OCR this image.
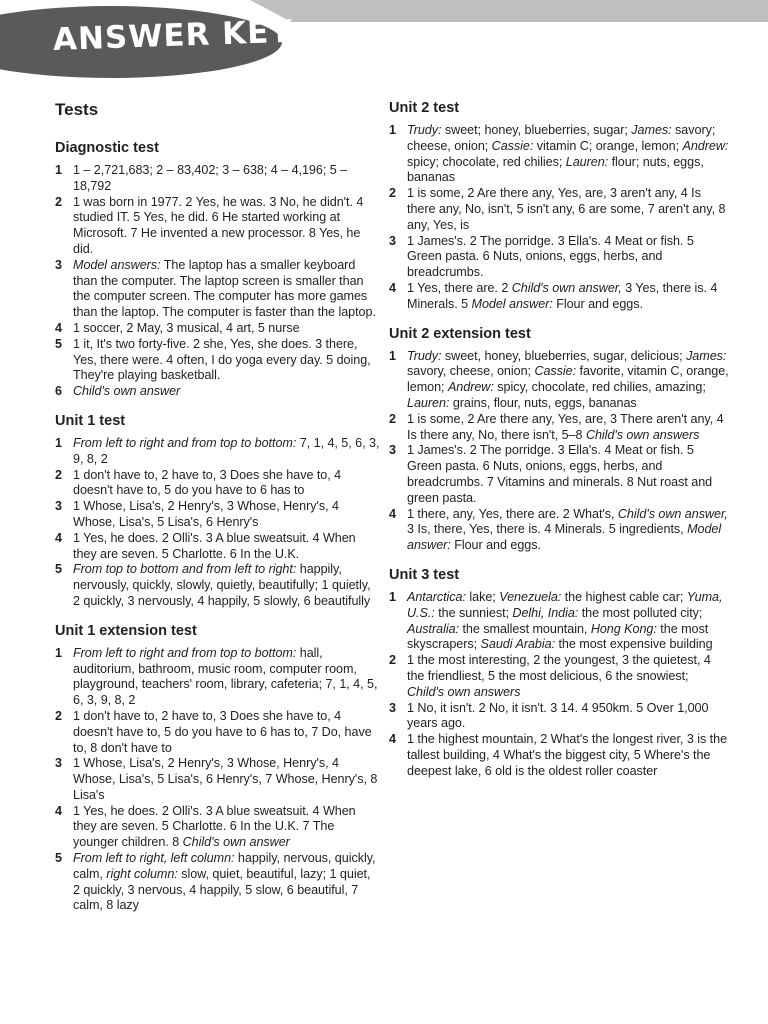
ANSWER KEY
Tests
Diagnostic test
1 1 – 2,721,683; 2 – 83,402; 3 – 638; 4 – 4,196; 5 – 18,792
2 1 was born in 1977. 2 Yes, he was. 3 No, he didn't. 4 studied IT. 5 Yes, he did. 6 He started working at Microsoft. 7 He invented a new processor. 8 Yes, he did.
3 Model answers: The laptop has a smaller keyboard than the computer. The laptop screen is smaller than the computer screen. The computer has more games than the laptop. The computer is faster than the laptop.
4 1 soccer, 2 May, 3 musical, 4 art, 5 nurse
5 1 it, It's two forty-five. 2 she, Yes, she does. 3 there, Yes, there were. 4 often, I do yoga every day. 5 doing, They're playing basketball.
6 Child's own answer
Unit 1 test
1 From left to right and from top to bottom: 7, 1, 4, 5, 6, 3, 9, 8, 2
2 1 don't have to, 2 have to, 3 Does she have to, 4 doesn't have to, 5 do you have to 6 has to
3 1 Whose, Lisa's, 2 Henry's, 3 Whose, Henry's, 4 Whose, Lisa's, 5 Lisa's, 6 Henry's
4 1 Yes, he does. 2 Olli's. 3 A blue sweatsuit. 4 When they are seven. 5 Charlotte. 6 In the U.K.
5 From top to bottom and from left to right: happily, nervously, quickly, slowly, quietly, beautifully; 1 quietly, 2 quickly, 3 nervously, 4 happily, 5 slowly, 6 beautifully
Unit 1 extension test
1 From left to right and from top to bottom: hall, auditorium, bathroom, music room, computer room, playground, teachers' room, library, cafeteria; 7, 1, 4, 5, 6, 3, 9, 8, 2
2 1 don't have to, 2 have to, 3 Does she have to, 4 doesn't have to, 5 do you have to 6 has to, 7 Do, have to, 8 don't have to
3 1 Whose, Lisa's, 2 Henry's, 3 Whose, Henry's, 4 Whose, Lisa's, 5 Lisa's, 6 Henry's, 7 Whose, Henry's, 8 Lisa's
4 1 Yes, he does. 2 Olli's. 3 A blue sweatsuit. 4 When they are seven. 5 Charlotte. 6 In the U.K. 7 The younger children. 8 Child's own answer
5 From left to right, left column: happily, nervous, quickly, calm, right column: slow, quiet, beautiful, lazy; 1 quiet, 2 quickly, 3 nervous, 4 happily, 5 slow, 6 beautiful, 7 calm, 8 lazy
Unit 2 test
1 Trudy: sweet; honey, blueberries, sugar; James: savory; cheese, onion; Cassie: vitamin C; orange, lemon; Andrew: spicy; chocolate, red chilies; Lauren: flour; nuts, eggs, bananas
2 1 is some, 2 Are there any, Yes, are, 3 aren't any, 4 Is there any, No, isn't, 5 isn't any, 6 are some, 7 aren't any, 8 any, Yes, is
3 1 James's. 2 The porridge. 3 Ella's. 4 Meat or fish. 5 Green pasta. 6 Nuts, onions, eggs, herbs, and breadcrumbs.
4 1 Yes, there are. 2 Child's own answer, 3 Yes, there is. 4 Minerals. 5 Model answer: Flour and eggs.
Unit 2 extension test
1 Trudy: sweet, honey, blueberries, sugar, delicious; James: savory, cheese, onion; Cassie: favorite, vitamin C, orange, lemon; Andrew: spicy, chocolate, red chilies, amazing; Lauren: grains, flour, nuts, eggs, bananas
2 1 is some, 2 Are there any, Yes, are, 3 There aren't any, 4 Is there any, No, there isn't, 5–8 Child's own answers
3 1 James's. 2 The porridge. 3 Ella's. 4 Meat or fish. 5 Green pasta. 6 Nuts, onions, eggs, herbs, and breadcrumbs. 7 Vitamins and minerals. 8 Nut roast and green pasta.
4 1 there, any, Yes, there are. 2 What's, Child's own answer, 3 Is, there, Yes, there is. 4 Minerals. 5 ingredients, Model answer: Flour and eggs.
Unit 3 test
1 Antarctica: lake; Venezuela: the highest cable car; Yuma, U.S.: the sunniest; Delhi, India: the most polluted city; Australia: the smallest mountain, Hong Kong: the most skyscrapers; Saudi Arabia: the most expensive building
2 1 the most interesting, 2 the youngest, 3 the quietest, 4 the friendliest, 5 the most delicious, 6 the snowiest; Child's own answers
3 1 No, it isn't. 2 No, it isn't. 3 14. 4 950km. 5 Over 1,000 years ago.
4 1 the highest mountain, 2 What's the longest river, 3 is the tallest building, 4 What's the biggest city, 5 Where's the deepest lake, 6 old is the oldest roller coaster
